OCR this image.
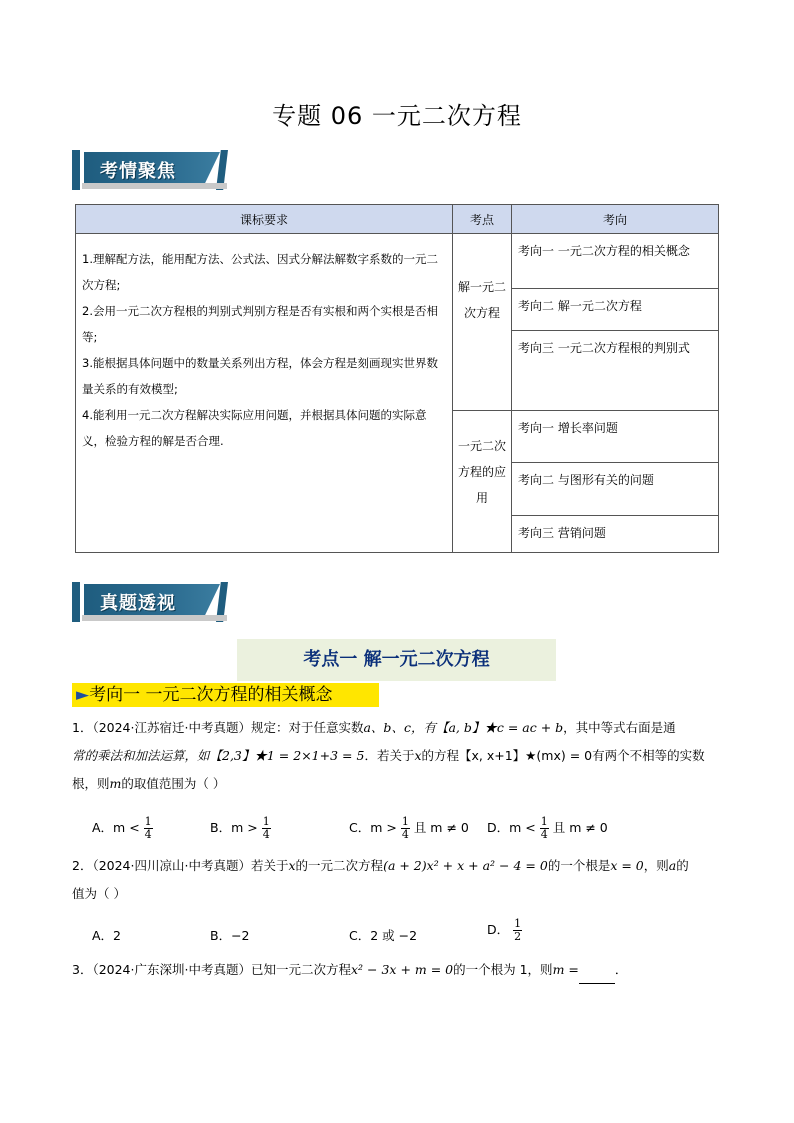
专题 06 一元二次方程
考情聚焦
课标要求	考点	考向

1.理解配方法，能用配方法、公式法、因式分解法解数字系数的一元二次方程;
2.会用一元二次方程根的判别式判别方程是否有实根和两个实根是否相等;
3.能根据具体问题中的数量关系列出方程，体会方程是刻画现实世界数量关系的有效模型;
4.能利用一元二次方程解决实际应用问题，并根据具体问题的实际意义，检验方程的解是否合理.	解一元二次方程	考向一 一元二次方程的相关概念
		考向二 解一元二次方程
		考向三 一元二次方程根的判别式
	一元二次方程的应用	考向一 增长率问题
		考向二 与图形有关的问题
		考向三 营销问题
真题透视
考点一 解一元二次方程
►考向一 一元二次方程的相关概念
1．（2024·江苏宿迁·中考真题）规定：对于任意实数a、b、c，有【a, b】★c = ac + b，其中等式右面是通
常的乘法和加法运算，如【2,3】★1 = 2×1+3 = 5．若关于x的方程【x, x+1】★(mx) = 0有两个不相等的实数
根，则m的取值范围为（ ）
A．$m < \frac{1}{4}$	B．$m > \frac{1}{4}$	C．$m > \frac{1}{4}$ 且 m ≠ 0 D．$m < \frac{1}{4}$ 且 m ≠ 0
2．（2024·四川凉山·中考真题）若关于x的一元二次方程(a + 2)x² + x + a² − 4 = 0的一个根是x = 0，则a的
值为（ ）
A．2	B．−2	C．2 或 −2	D． $\frac{1}{2}$
3．（2024·广东深圳·中考真题）已知一元二次方程x² − 3x + m = 0的一个根为 1，则m =	．
